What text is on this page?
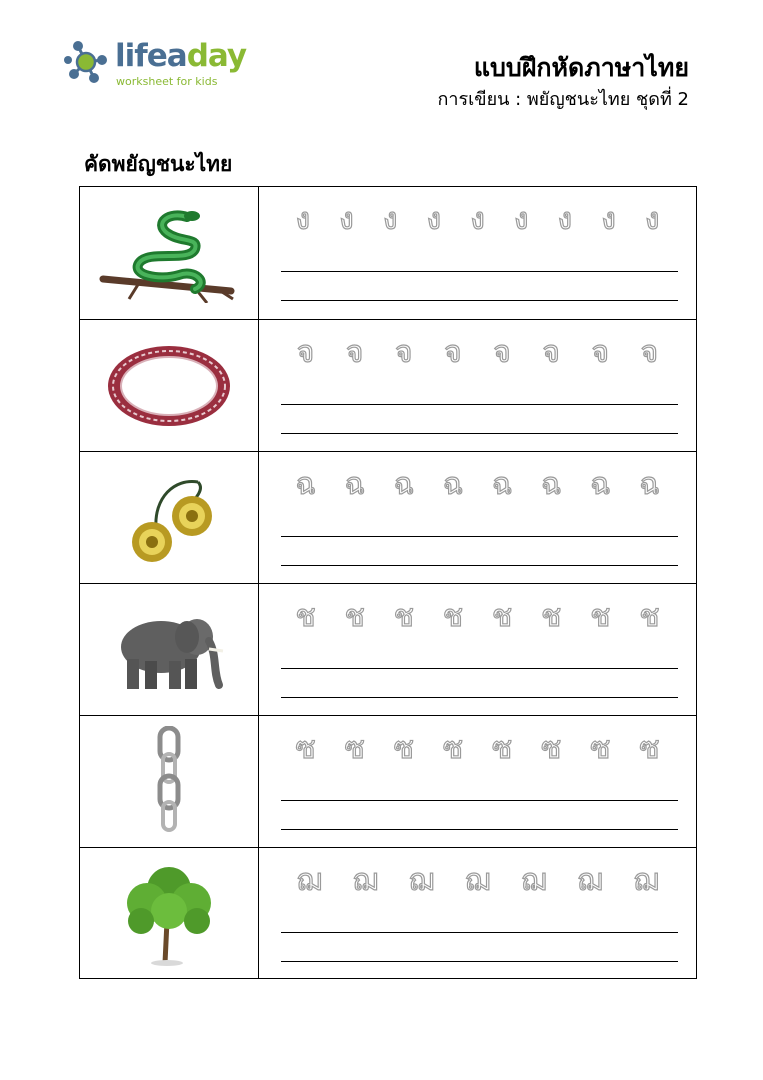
lifeaday
worksheet for kids	แบบฝึกหัดภาษาไทย
การเขียน : พยัญชนะไทย ชุดที่ 2
คัดพยัญชนะไทย
ง ง ง ง ง ง ง ง ง
จ	จ	จ	จ	จ	จ	จ	จ
ฉ ฉ ฉ ฉ ฉ ฉ ฉ ฉ
ช ช ช ช ช ช ช ช
ซ ซ ซ ซ ซ ซ ซ ซ
ฌ	ฌ	ฌ	ฌ	ฌ	ฌ	ฌ
